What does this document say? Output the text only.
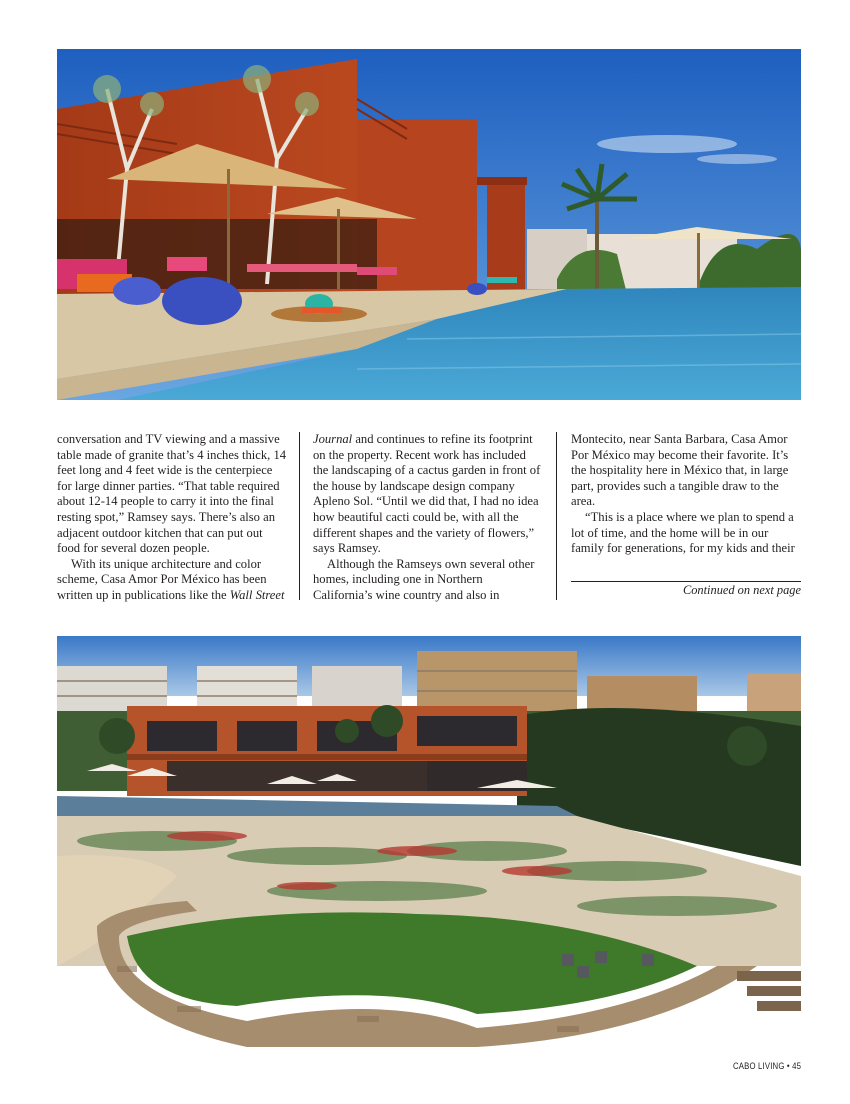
conversation and TV viewing and a massive table made of granite that’s 4 inches thick, 14 feet long and 4 feet wide is the centerpiece for large dinner parties. “That table required about 12-14 people to carry it into the final resting spot,” Ramsey says. There’s also an adjacent outdoor kitchen that can put out food for several dozen people.

With its unique architecture and color scheme, Casa Amor Por México has been written up in publications like the Wall Street

Journal and continues to refine its footprint on the property. Recent work has included the landscaping of a cactus garden in front of the house by landscape design company Apleno Sol. “Until we did that, I had no idea how beautiful cacti could be, with all the different shapes and the variety of flowers,” says Ramsey.

Although the Ramseys own several other homes, including one in Northern California’s wine country and also in

Montecito, near Santa Barbara, Casa Amor Por México may become their favorite. It’s the hospitality here in México that, in large part, provides such a tangible draw to the area.

“This is a place where we plan to spend a lot of time, and the home will be in our family for generations, for my kids and their

Continued on next page
CABO LIVING • 45
